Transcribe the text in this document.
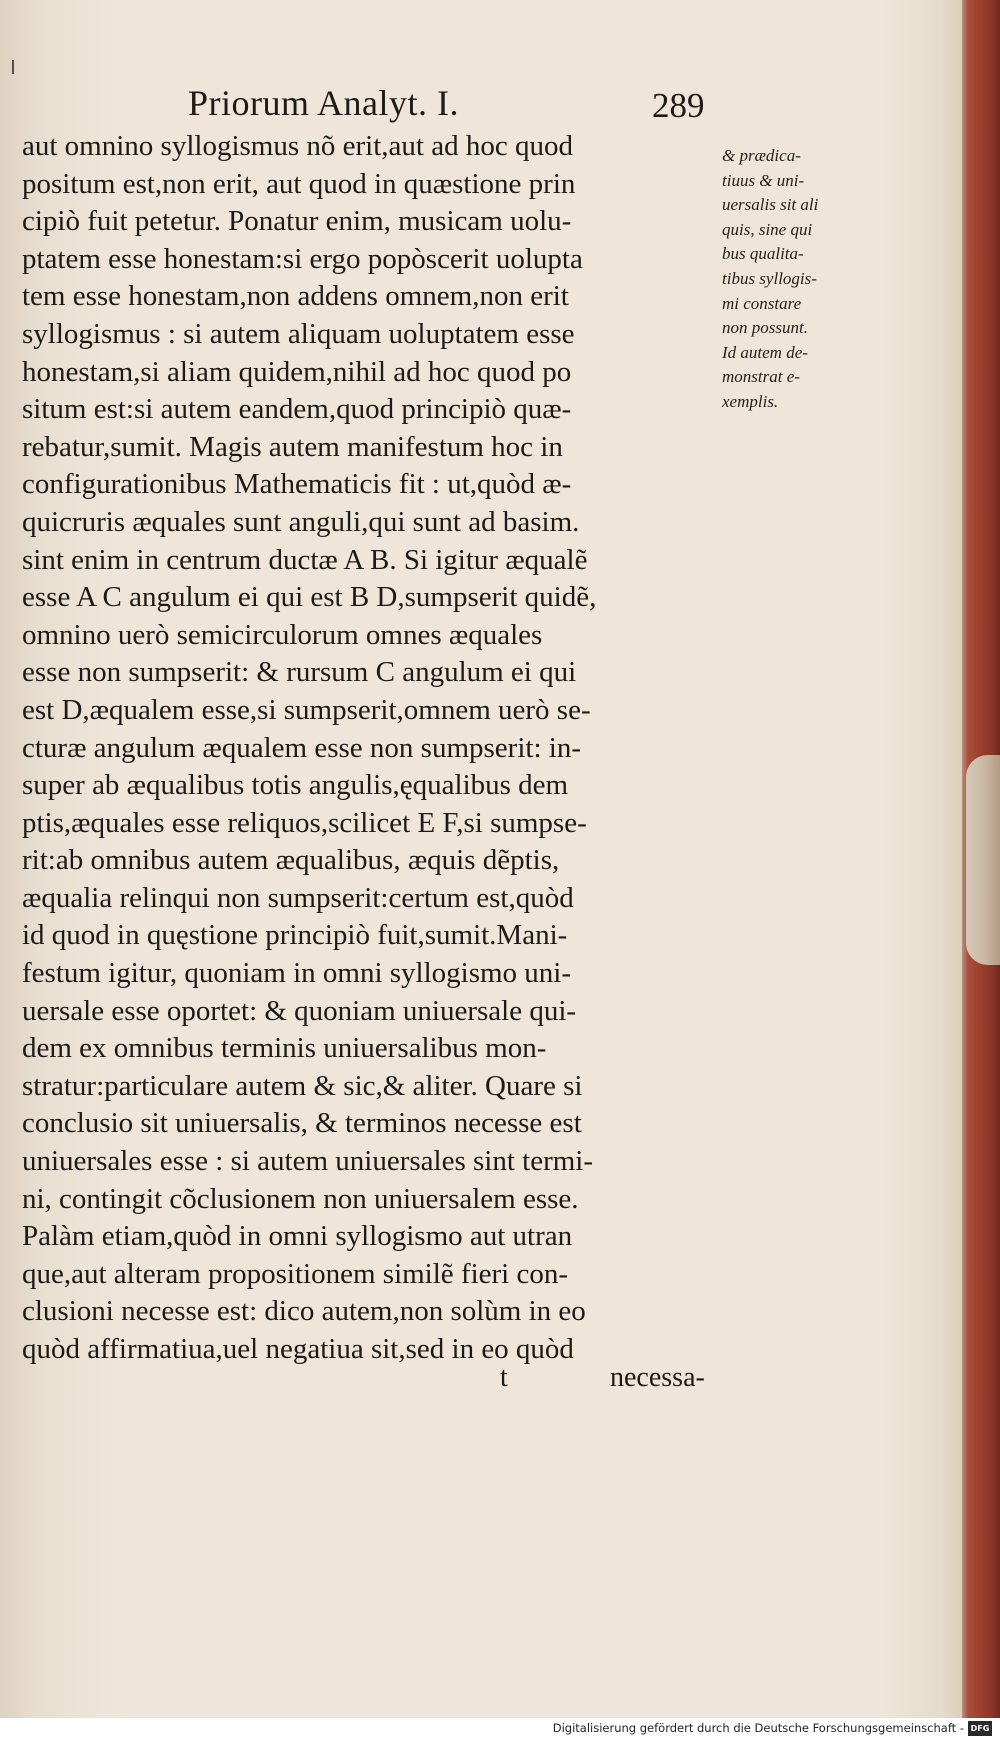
Priorum Analyt. I.	289
aut omnino syllogismus nõ erit,aut ad hoc quod
positum est,non erit, aut quod in quæstione prin
cipiò fuit petetur. Ponatur enim, musicam uolu-
ptatem esse honestam:si ergo popòscerit uolupta
tem esse honestam,non addens omnem,non erit
syllogismus : si autem aliquam uoluptatem esse
honestam,si aliam quidem,nihil ad hoc quod po
situm est:si autem eandem,quod principiò quæ-
rebatur,sumit. Magis autem manifestum hoc in
configurationibus Mathematicis fit : ut,quòd æ-
quicruris æquales sunt anguli,qui sunt ad basim.
sint enim in centrum ductæ A B. Si igitur æqualẽ
esse A C angulum ei qui est B D,sumpserit quidẽ,
omnino uerò semicirculorum omnes æquales
esse non sumpserit: & rursum C angulum ei qui
est D,æqualem esse,si sumpserit,omnem uerò se-
cturæ angulum æqualem esse non sumpserit: in-
super ab æqualibus totis angulis,ęqualibus dem
ptis,æquales esse reliquos,scilicet E F,si sumpse-
rit:ab omnibus autem æqualibus, æquis dẽptis,
æqualia relinqui non sumpserit:certum est,quòd
id quod in quęstione principiò fuit,sumit.Mani-
festum igitur, quoniam in omni syllogismo uni-
uersale esse oportet: & quoniam uniuersale qui-
dem ex omnibus terminis uniuersalibus mon-
stratur:particulare autem & sic,& aliter. Quare si
conclusio sit uniuersalis, & terminos necesse est
uniuersales esse : si autem uniuersales sint termi-
ni, contingit cõclusionem non uniuersalem esse.
Palàm etiam,quòd in omni syllogismo aut utran
que,aut alteram propositionem similẽ fieri con-
clusioni necesse est: dico autem,non solùm in eo
quòd affirmatiua,uel negatiua sit,sed in eo quòd
t	necessa-
& prædica-
tiuus & uni-
uersalis sit ali
quis, sine qui
bus qualita-
tibus syllogis-
mi constare
non possunt.
Id autem de-
monstrat e-
xemplis.
Digitalisierung gefördert durch die Deutsche Forschungsgemeinschaft - DFG
